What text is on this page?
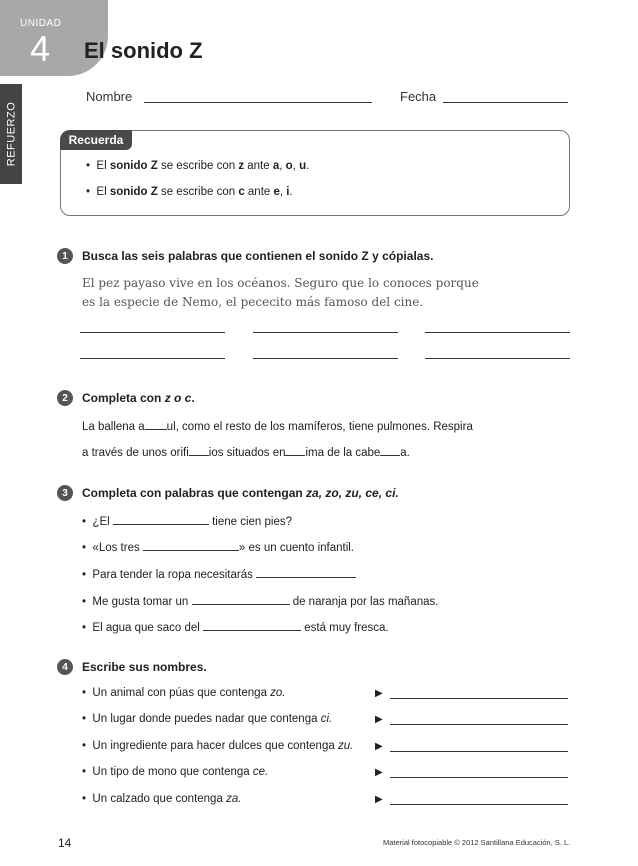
UNIDAD
4
REFUERZO
El sonido Z
Nombre	Fecha
Recuerda
•  El sonido Z se escribe con z ante a, o, u.
•  El sonido Z se escribe con c ante e, i.
1	Busca las seis palabras que contienen el sonido Z y cópialas.
El pez payaso vive en los océanos. Seguro que lo conoces porque
es la especie de Nemo, el pececito más famoso del cine.
2	Completa con z o c.
La ballena a ul, como el resto de los mamíferos, tiene pulmones. Respira
a través de unos orifi ios situados en ima de la cabe a.
3	Completa con palabras que contengan za, zo, zu, ce, ci.
•  ¿El	tiene cien pies?
•  «Los tres	» es un cuento infantil.
•  Para tender la ropa necesitarás
•  Me gusta tomar un	de naranja por las mañanas.
•  El agua que saco del	está muy fresca.
4	Escribe sus nombres.
•  Un animal con púas que contenga zo.	▶
•  Un lugar donde puedes nadar que contenga ci.	▶
•  Un ingrediente para hacer dulces que contenga zu. ▶
•  Un tipo de mono que contenga ce.	▶
•  Un calzado que contenga za.	▶
14	Material fotocopiable © 2012 Santillana Educación, S. L.
